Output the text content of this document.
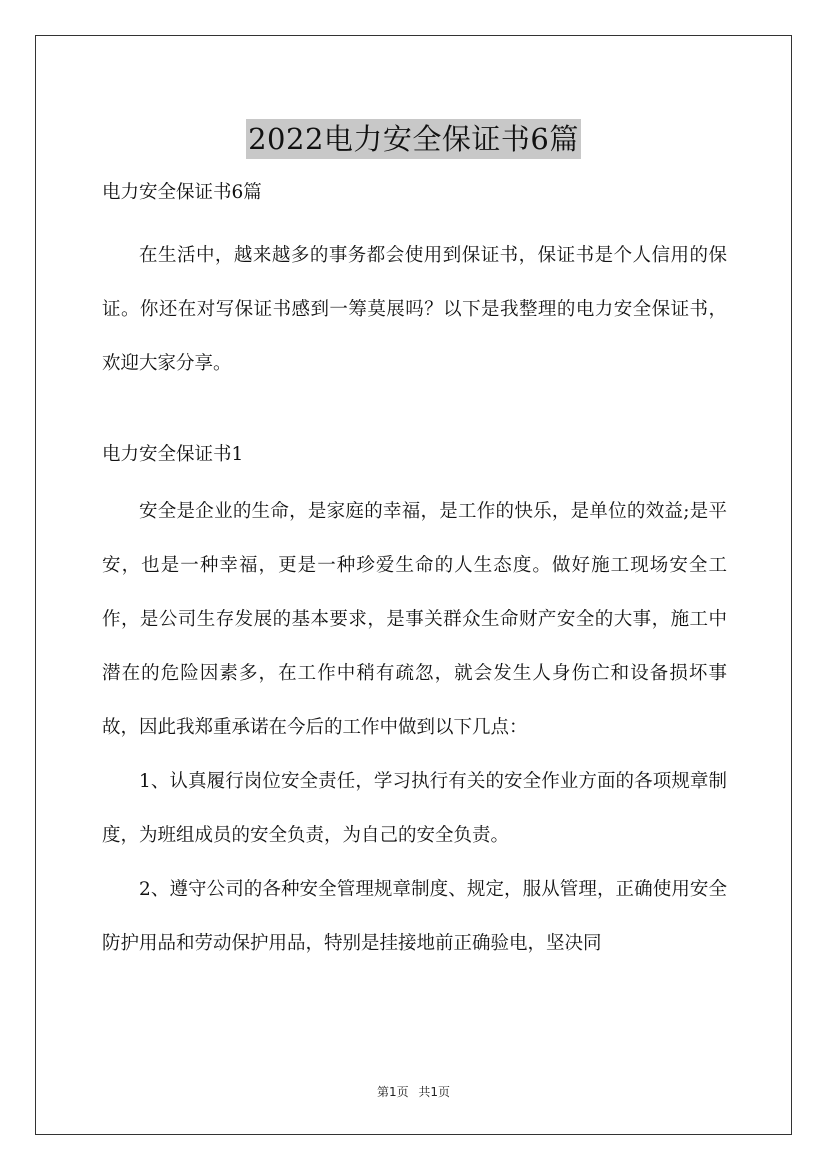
2022电力安全保证书6篇
电力安全保证书6篇

在生活中，越来越多的事务都会使用到保证书，保证书是个人信用的保证。你还在对写保证书感到一筹莫展吗？以下是我整理的电力安全保证书，欢迎大家分享。

电力安全保证书1

安全是企业的生命，是家庭的幸福，是工作的快乐，是单位的效益;是平安，也是一种幸福，更是一种珍爱生命的人生态度。做好施工现场安全工作，是公司生存发展的基本要求，是事关群众生命财产安全的大事，施工中潜在的危险因素多，在工作中稍有疏忽，就会发生人身伤亡和设备损坏事故，因此我郑重承诺在今后的工作中做到以下几点：

1、认真履行岗位安全责任，学习执行有关的安全作业方面的各项规章制度，为班组成员的安全负责，为自己的安全负责。

2、遵守公司的各种安全管理规章制度、规定，服从管理，正确使用安全防护用品和劳动保护用品，特别是挂接地前正确验电，坚决同

第1页 共1页
